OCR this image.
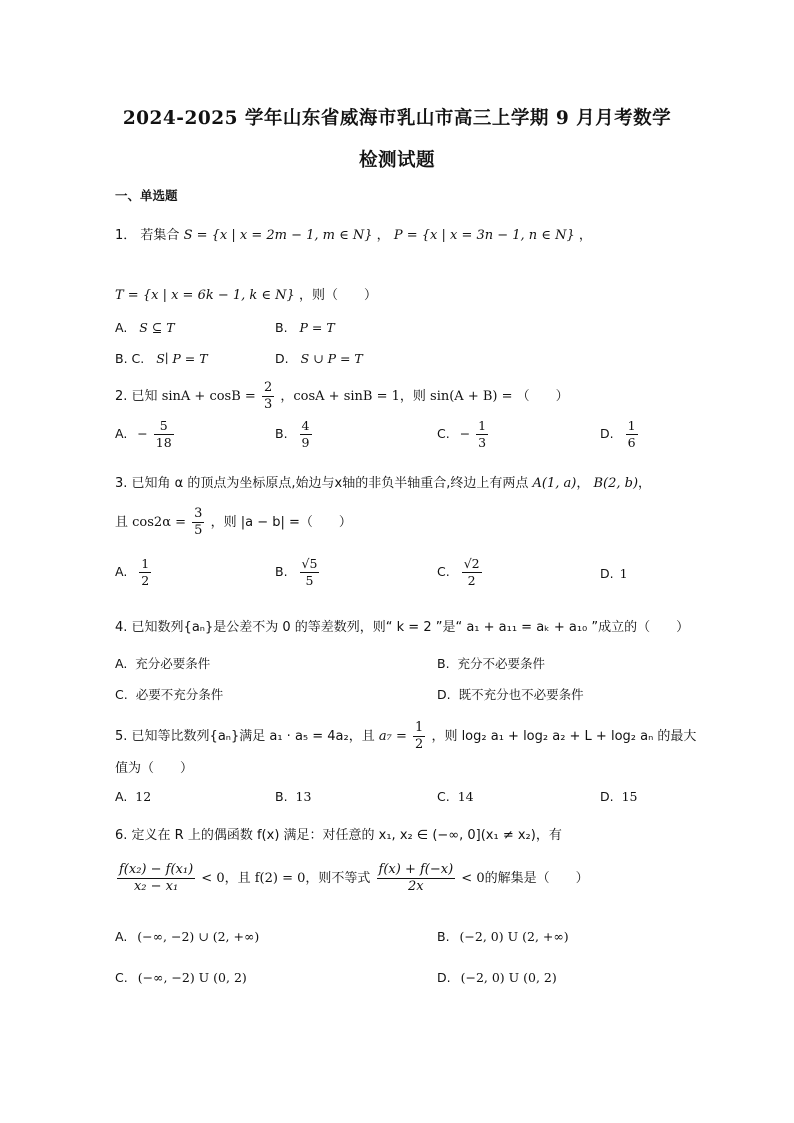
2024-2025 学年山东省威海市乳山市高三上学期 9 月月考数学
检测试题
一、单选题
1． 若集合 S = {x | x = 2m − 1, m ∈ N} ， P = {x | x = 3n − 1, n ∈ N} ，
T = {x | x = 6k − 1, k ∈ N} ，则（　　）
A. S ⊆ T	B. P = T
B. C. S∣ P = T	D. S ∪ P = T
2. 已知 $\sin A + \cos B = \frac{2}{3}$ ，cosA + sinB = 1，则 sin(A + B) = （　　）
A. − $\frac{5}{18}$	B. $\frac{4}{9}$	C. − $\frac{1}{3}$	D. $\frac{1}{6}$
3. 已知角 α 的顶点为坐标原点,始边与x轴的非负半轴重合,终边上有两点 A(1, a)， B(2, b)，
且 $\cos 2\alpha = \frac{3}{5}$ ，则 |a − b| =（　　）
A. $\frac{1}{2}$	B. $\frac{√5}{5}$	C. $\frac{√2}{2}$	D. 1
4. 已知数列{aₙ}是公差不为 0 的等差数列，则“ k = 2 ”是“ a₁ + a₁₁ = aₖ + a₁₀ ”成立的（　　）
A. 充分必要条件	B. 充分不必要条件
C. 必要不充分条件	D. 既不充分也不必要条件
5. 已知等比数列{aₙ}满足 a₁ · a₅ = 4a₂，且 $a_7 = \frac{1}{2}$ ，则 log₂ a₁ + log₂ a₂ + L + log₂ aₙ 的最大
值为（　　）
A. 12	B. 13	C. 14	D. 15
6. 定义在 R 上的偶函数 f(x) 满足：对任意的 x₁, x₂ ∈ (−∞, 0](x₁ ≠ x₂)，有
$\frac{\text{f(x₂) − f(x₁)}}{\text{x₂ − x₁}} < 0$，且 f(2) = 0，则不等式 $\frac{f(x) + f(-x)}{2x} < 0$的解集是（　　）
A. (−∞, −2) ∪ (2, +∞)	B. (−2, 0) U (2, +∞)
C. (−∞, −2) U (0, 2)	D. (−2, 0) U (0, 2)
